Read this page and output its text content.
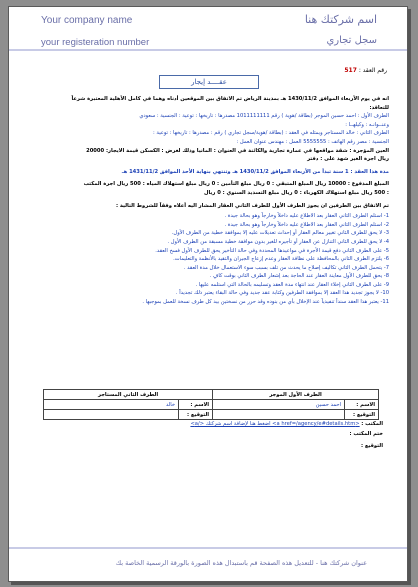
Your company name
your registeration number
اسم شركتك هنا
سجل تجاري
رقم العقد : 517
عقــــد إيجار
انه في يوم الأربعاء الموافق 1430/11/2 هـ بمدينة الرياض تم الاتفاق بين الموقعين أدناه وهما في كامل الأهلية المعتبرة شرعاً
للتعاقد:
الطرف الأول : احمد حسين الموجر (بطاقة /هوية ) رقم 1011111111 مصدرها : تاريخها : توعية : الجنسية : سعودي
وعنــوانـه : وكيلهــا :
الطرف الثاني : خالد المستاجر ويمثله في العقد : (بطاقة /هوية/سجل تجاري ) رقم : مصدرها : تاريخها : توعية :
الجنسية : مصر رقم الهاتف : 5555555 العمل : مهندس عنوان العمل :
العين المؤجرة : شقة مواقعها في عمارة تجارية والكائنة في العنوان : المانيا وذلك لغرض : الكسكن قيمة الايجار: 20000
ريال اجرة الغير شهد على : دفتر
مدة هذا العقد : 1 سنة تبدأ من الأربعاء الموافق 1430/11/2 هـ وتنتهي بنهاية الأحد الموافق 1431/11/2 هـ
المبلغ المدفوع : 10000 ريال المبلغ المتبقي : 0 ريال مبلغ التأمين : 0 ريال مبلغ استهلاك المياه : 500 ريال اجرة المكتب
: 500 ريال مبلغ استهلاك الكهرباء : 0 ريال مبلغ التسديد السنوي : 0 ريال
تم الاتفاق بين الطرفين ان يجوز الطرف الأول للطرف الثاني العقار المشار اليه أعلاه وفقاً للشروط التالية :
1- استلم الطرف الثاني العقار بعد الاطلاع عليه داخلاً وخارجاً وهو بحالة جيدة .
2- استلم الطرف الثاني العقار بعد الاطلاع عليه داخلاً وخارجاً وهو بحالة جيدة .
3- لا يحق للطرف الثاني تغيير معالم العقار أو إحداث تعديلات عليه إلا بموافقة خطية من الطرف الأول.
4- لا يحق للطرف الثاني التنازل عن العقار أو تأجيره للغير بدون موافقة خطية مسبقة من الطرف الأول .
5- على الطرف الثاني دفع قيمة الأجرة في مواعيدها المحددة وفي حالة التأخير يحق للطرف الأول فسخ العقد.
6- يلتزم الطرف الثاني بالمحافظة على نظافة العقار وعدم إزعاج الجيران والتقيد بالأنظمة والتعليمات.
7- يتحمل الطرف الثاني تكاليف إصلاح ما يحدث من تلف بسبب سوء الاستعمال خلال مدة العقد .
8- يحق للطرف الأول معاينة العقار عند الحاجة بعد إشعار الطرف الثاني بوقت كافٍ .
9- على الطرف الثاني إخلاء العقار عند انتهاء مدة العقد وتسليمه بالحالة التي استلمه عليها .
10- لا يجوز تجديد هذا العقد إلا بموافقة الطرفين وكتابة عقد جديد وفي حالة البقاء يعتبر ذلك تجديداً .
11- يعتبر هذا العقد سنداً تنفيذياً عند الإخلال بأي من بنوده وقد حرر من نسختين بيد كل طرف نسخة للعمل بموجبها .
الطرف الأول الموجر		الطرف الثاني المستاجر	
الاسم :	احمد حسين	الاسم :	خالد
التوقيع :		التوقيع :	
المكتب : <a href=/agency/e#details.htm> اضغط هنا لإضافة اسم شركتك </a>
ختم المكتب :
التوقيع :
عنوان شركتك هنا - للتعديل هذه الصفحة قم باستبدال هذه الصورة بالورقة الرسمية الخاصة بك
